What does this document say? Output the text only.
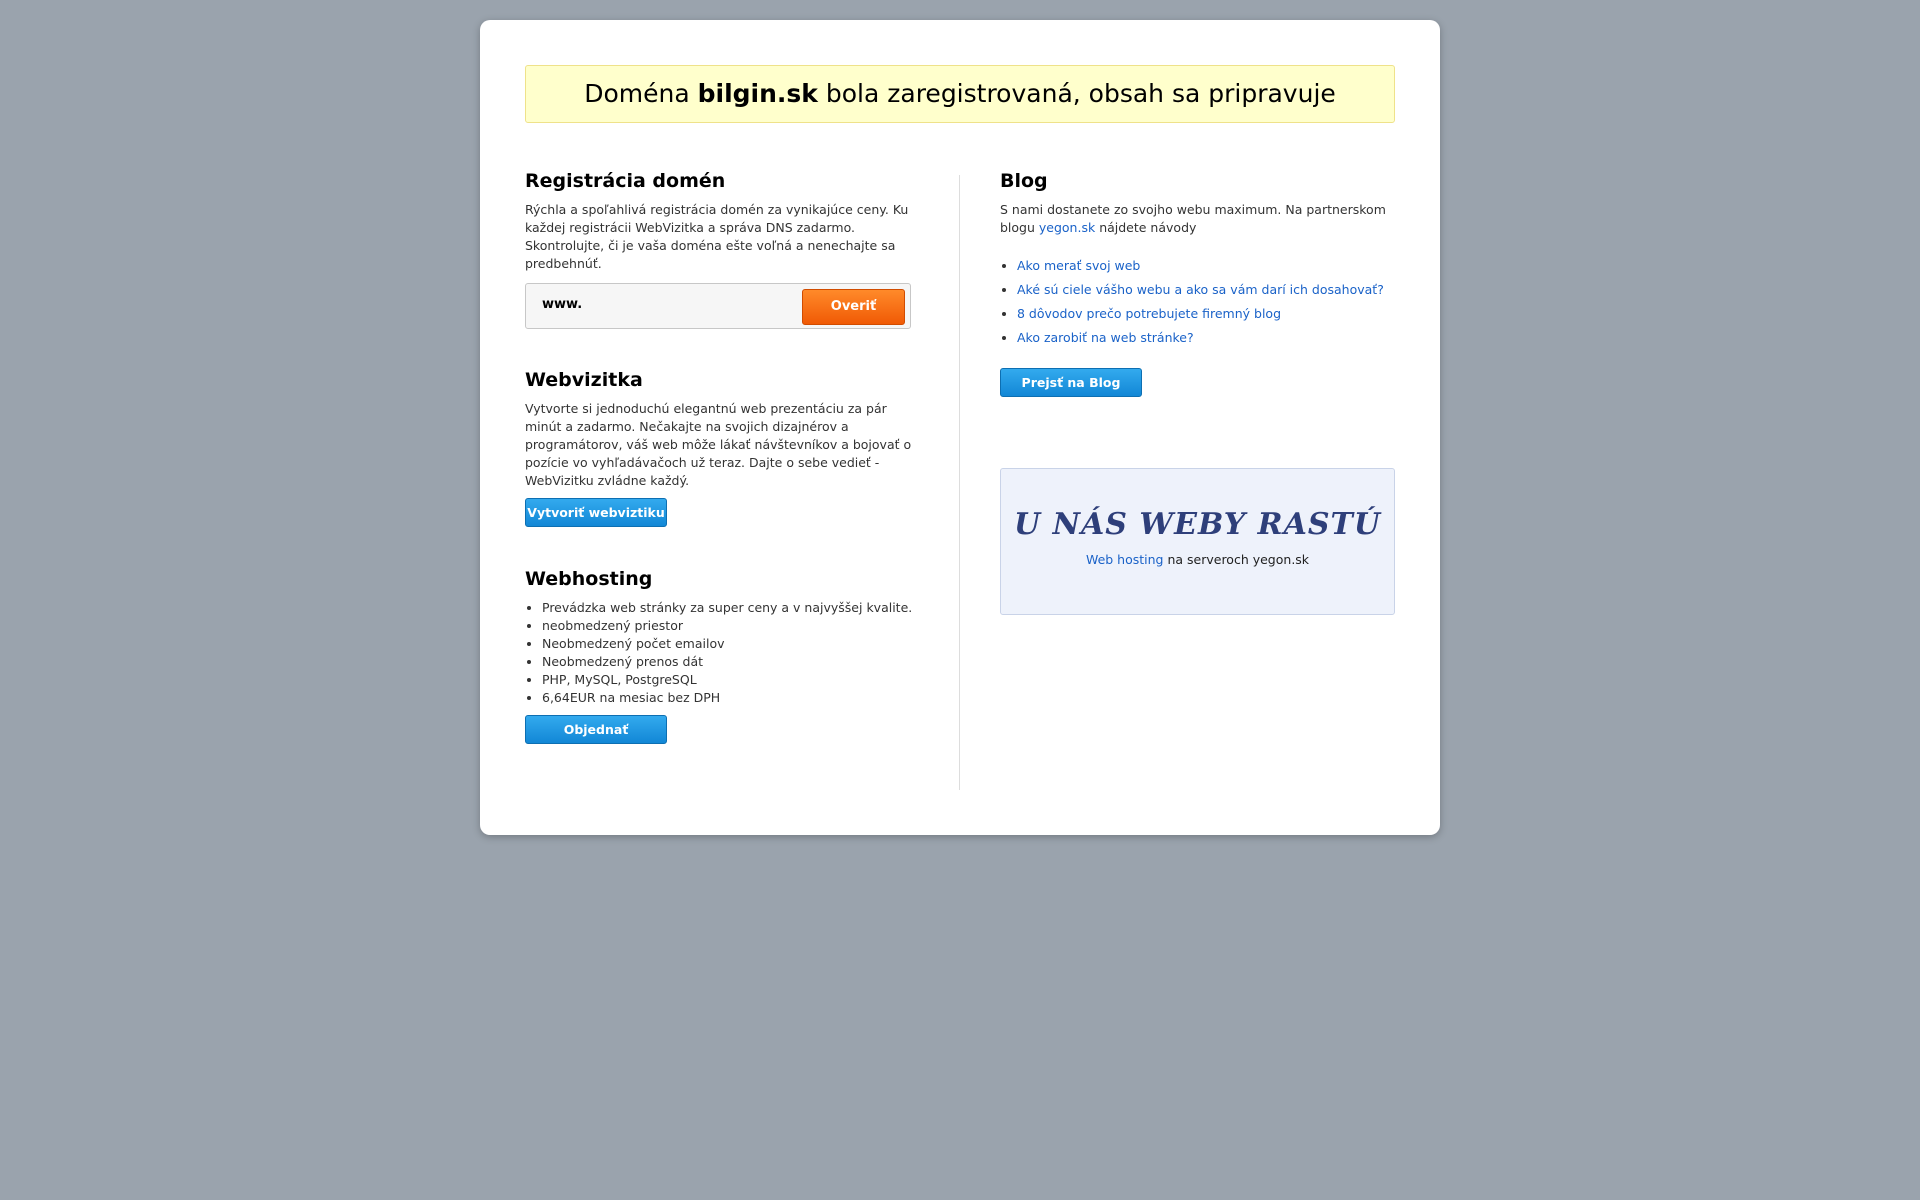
Doména bilgin.sk bola zaregistrovaná, obsah sa pripravuje
Registrácia domén

Rýchla a spoľahlivá registrácia domén za vynikajúce ceny. Ku každej registrácii WebVizitka a správa DNS zadarmo. Skontrolujte, či je vaša doména ešte voľná a nenechajte sa predbehnúť.

www.
Overiť
Webvizitka

Vytvorte si jednoduchú elegantnú web prezentáciu za pár minút a zadarmo. Nečakajte na svojich dizajnérov a programátorov, váš web môže lákať návštevníkov a bojovať o pozície vo vyhľadávačoch už teraz. Dajte o sebe vedieť - WebVizitku zvládne každý.

Vytvoriť webviztiku
Webhosting
• Prevádzka web stránky za super ceny a v najvyššej kvalite.
• neobmedzený priestor
• Neobmedzený počet emailov
• Neobmedzený prenos dát
• PHP, MySQL, PostgreSQL
• 6,64EUR na mesiac bez DPH
Objednať
Blog

S nami dostanete zo svojho webu maximum. Na partnerskom blogu yegon.sk nájdete návody

• Ako merať svoj web
• Aké sú ciele vášho webu a ako sa vám darí ich dosahovať?
• 8 dôvodov prečo potrebujete firemný blog
• Ako zarobiť na web stránke?
Prejsť na Blog
U NÁS WEBY RASTÚ
Web hosting na serveroch yegon.sk
